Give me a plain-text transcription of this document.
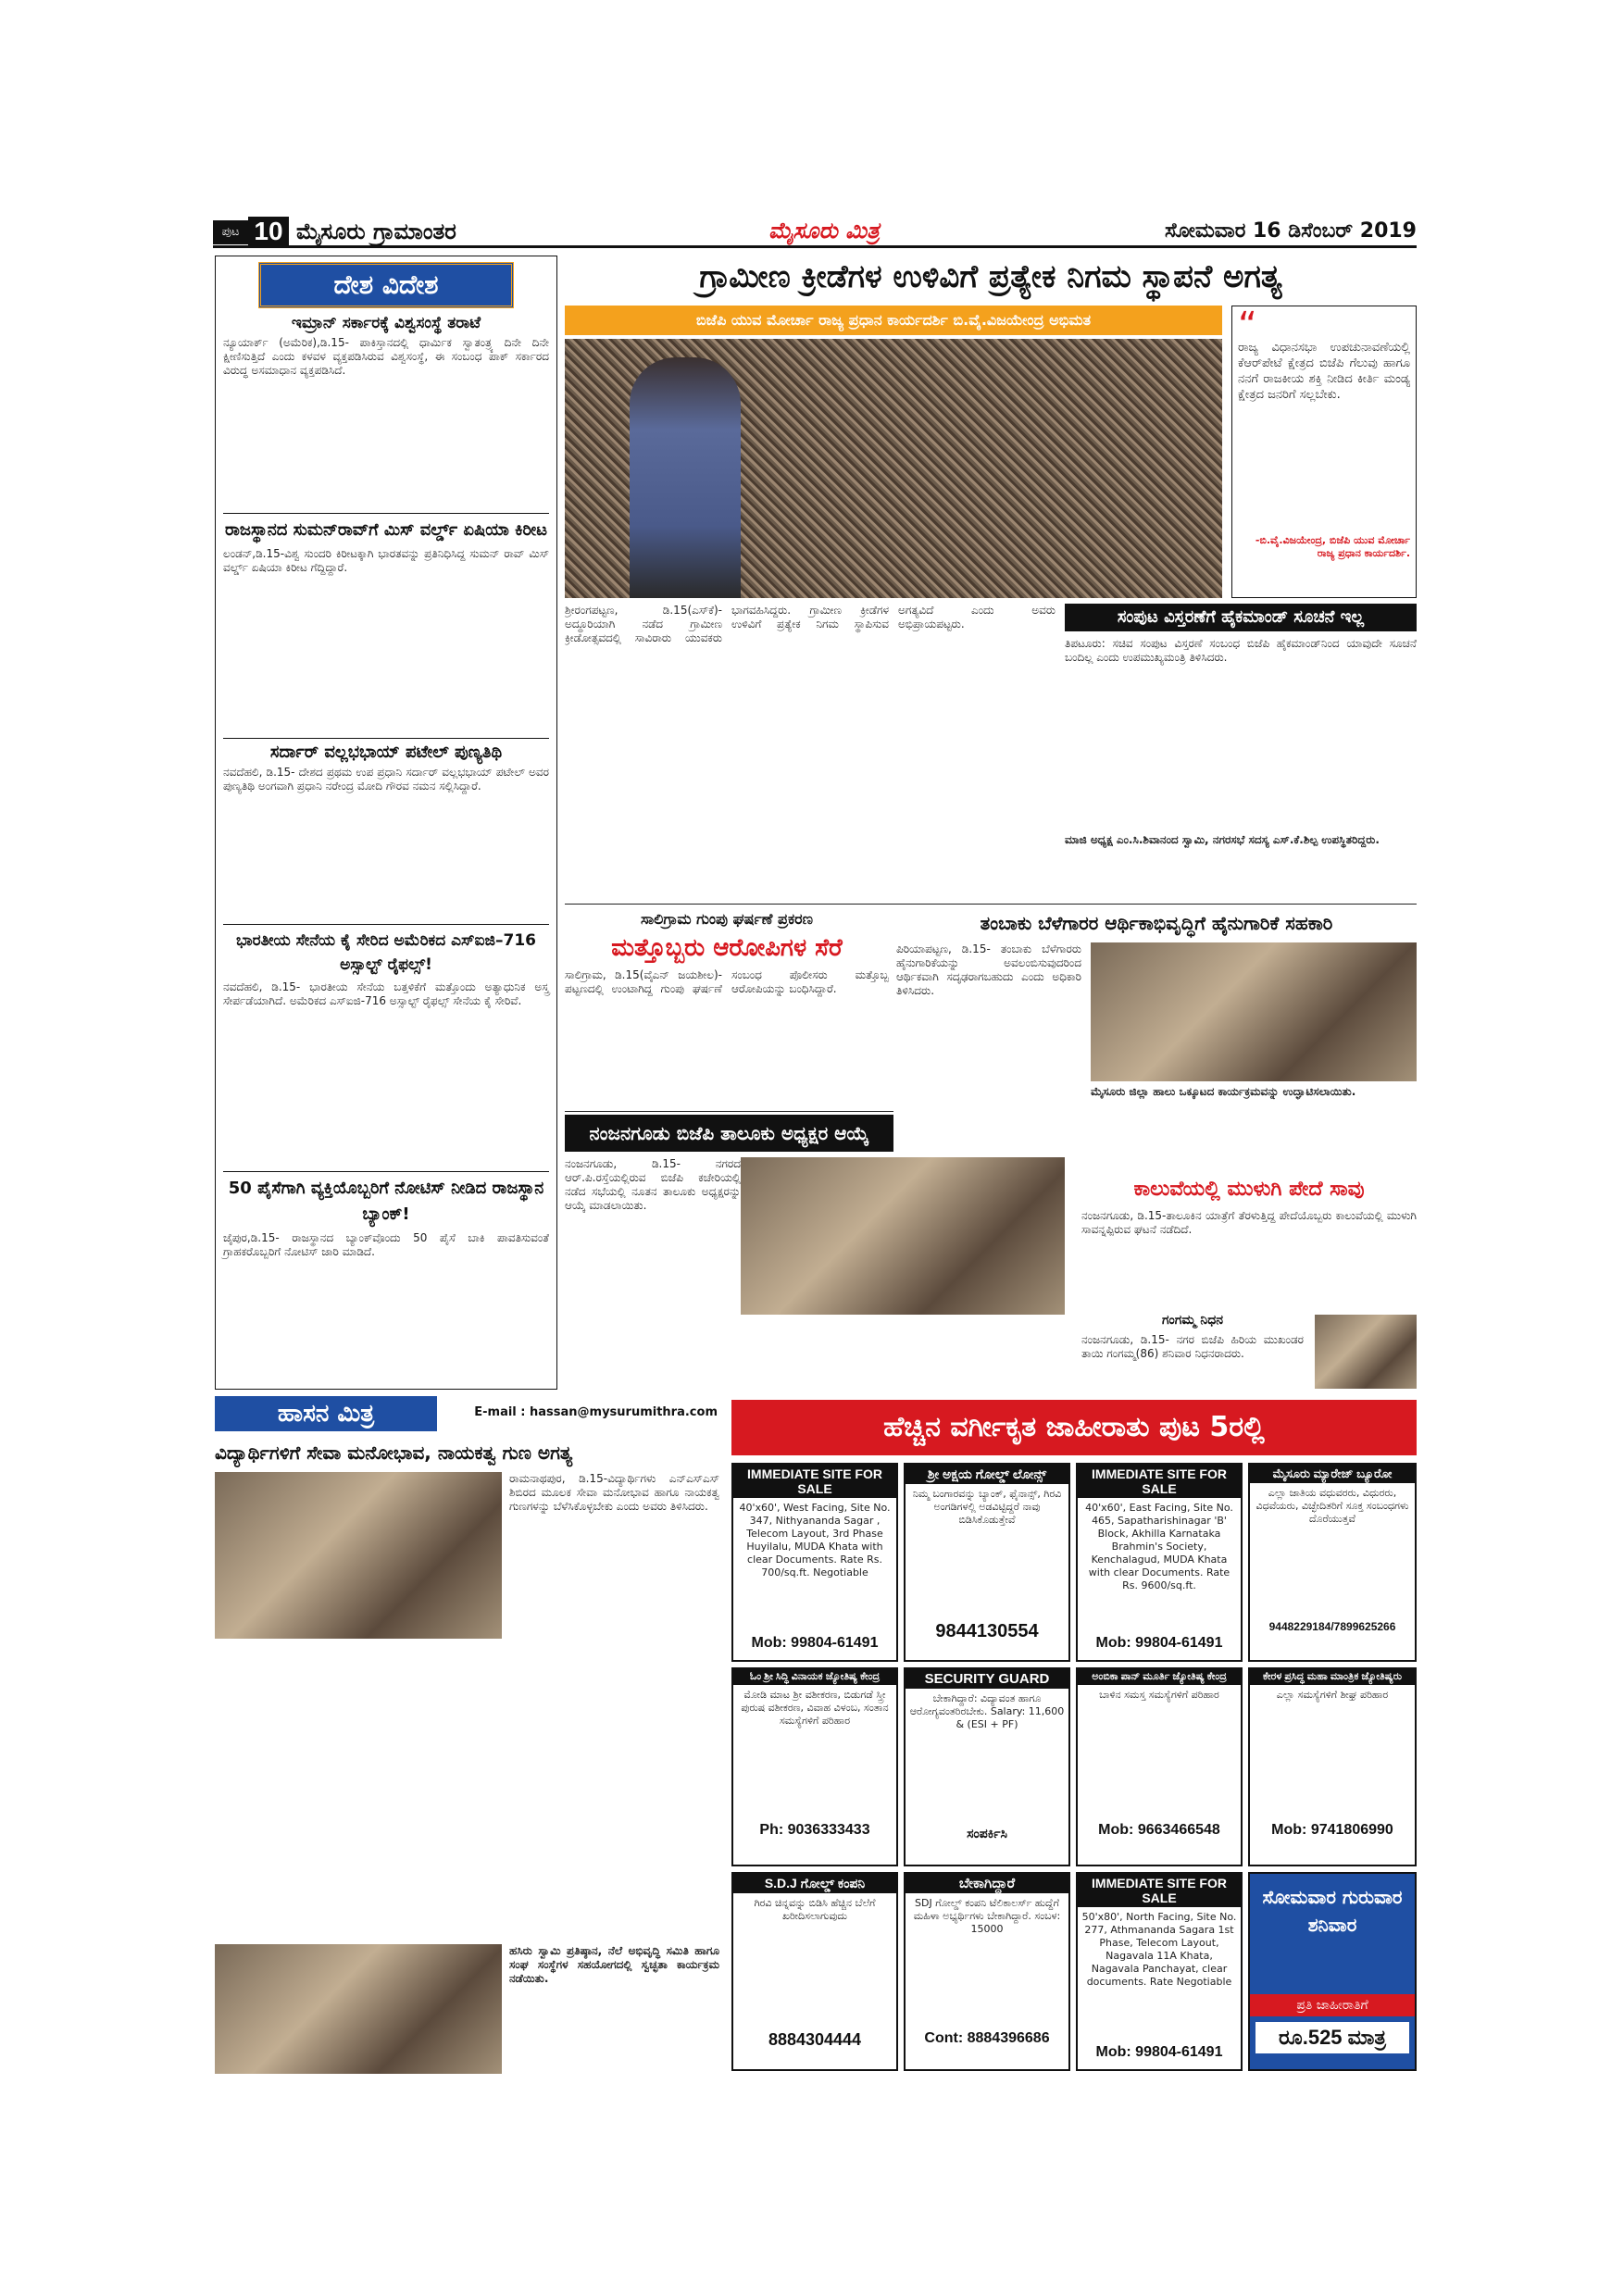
ಪುಟ 10 ಮೈಸೂರು ಗ್ರಾಮಾಂತರ	ಮೈಸೂರು ಮಿತ್ರ	ಸೋಮವಾರ 16 ಡಿಸೆಂಬರ್ 2019
ದೇಶ ವಿದೇಶ
ಇಮ್ರಾನ್ ಸರ್ಕಾರಕ್ಕೆ ವಿಶ್ವಸಂಸ್ಥೆ ತರಾಟೆ
ನ್ಯೂಯಾರ್ಕ್ (ಅಮೆರಿಕ),ಡಿ.15- ಪಾಕಿಸ್ತಾನದಲ್ಲಿ ಧಾರ್ಮಿಕ ಸ್ವಾತಂತ್ರ್ಯ ದಿನೇ ದಿನೇ ಕ್ಷೀಣಿಸುತ್ತಿದೆ ಎಂದು ಕಳವಳ ವ್ಯಕ್ತಪಡಿಸಿರುವ ವಿಶ್ವಸಂಸ್ಥೆ, ಈ ಸಂಬಂಧ ಪಾಕ್ ಸರ್ಕಾರದ ವಿರುದ್ಧ ಅಸಮಾಧಾನ ವ್ಯಕ್ತಪಡಿಸಿದೆ.
ರಾಜಸ್ಥಾನದ ಸುಮನ್‌ರಾವ್‌ಗೆ ಮಿಸ್ ವರ್ಲ್ಡ್ ಏಷಿಯಾ ಕಿರೀಟ
ಲಂಡನ್,ಡಿ.15-ವಿಶ್ವ ಸುಂದರಿ ಕಿರೀಟಕ್ಕಾಗಿ ಭಾರತವನ್ನು ಪ್ರತಿನಿಧಿಸಿದ್ದ ಸುಮನ್ ರಾವ್ ಮಿಸ್ ವರ್ಲ್ಡ್ ಏಷಿಯಾ ಕಿರೀಟ ಗೆದ್ದಿದ್ದಾರೆ.
ಸರ್ದಾರ್ ವಲ್ಲಭಭಾಯ್ ಪಟೇಲ್ ಪುಣ್ಯತಿಥಿ
ನವದೆಹಲಿ, ಡಿ.15- ದೇಶದ ಪ್ರಥಮ ಉಪ ಪ್ರಧಾನಿ ಸರ್ದಾರ್ ವಲ್ಲಭಭಾಯ್ ಪಟೇಲ್ ಅವರ ಪುಣ್ಯತಿಥಿ ಅಂಗವಾಗಿ ಪ್ರಧಾನಿ ನರೇಂದ್ರ ಮೋದಿ ಗೌರವ ನಮನ ಸಲ್ಲಿಸಿದ್ದಾರೆ.
ಭಾರತೀಯ ಸೇನೆಯ ಕೈ ಸೇರಿದ ಅಮೆರಿಕದ ಎಸ್‌ಐಜಿ–716 ಅಸ್ಸಾಲ್ಟ್ ರೈಫಲ್ಸ್!
ನವದೆಹಲಿ, ಡಿ.15- ಭಾರತೀಯ ಸೇನೆಯ ಬತ್ತಳಿಕೆಗೆ ಮತ್ತೊಂದು ಅತ್ಯಾಧುನಿಕ ಅಸ್ತ್ರ ಸೇರ್ಪಡೆಯಾಗಿದೆ. ಅಮೆರಿಕದ ಎಸ್‌ಐಜಿ-716 ಅಸ್ಸಾಲ್ಟ್ ರೈಫಲ್ಸ್ ಸೇನೆಯ ಕೈ ಸೇರಿವೆ.
50 ಪೈಸೆಗಾಗಿ ವ್ಯಕ್ತಿಯೊಬ್ಬರಿಗೆ ನೋಟಿಸ್ ನೀಡಿದ ರಾಜಸ್ಥಾನ ಬ್ಯಾಂಕ್!
ಜೈಪುರ,ಡಿ.15- ರಾಜಸ್ಥಾನದ ಬ್ಯಾಂಕ್‌ವೊಂದು 50 ಪೈಸೆ ಬಾಕಿ ಪಾವತಿಸುವಂತೆ ಗ್ರಾಹಕರೊಬ್ಬರಿಗೆ ನೋಟಿಸ್ ಜಾರಿ ಮಾಡಿದೆ.
ಗ್ರಾಮೀಣ ಕ್ರೀಡೆಗಳ ಉಳಿವಿಗೆ ಪ್ರತ್ಯೇಕ ನಿಗಮ ಸ್ಥಾಪನೆ ಅಗತ್ಯ
ಬಿಜೆಪಿ ಯುವ ಮೋರ್ಚಾ ರಾಜ್ಯ ಪ್ರಧಾನ ಕಾರ್ಯದರ್ಶಿ ಬಿ.ವೈ.ವಿಜಯೇಂದ್ರ ಅಭಿಮತ	“
ರಾಜ್ಯ ವಿಧಾನಸಭಾ ಉಪಚುನಾವಣೆಯಲ್ಲಿ ಕೆಆರ್‌ಪೇಟೆ ಕ್ಷೇತ್ರದ ಬಿಜೆಪಿ ಗೆಲುವು ಹಾಗೂ ನನಗೆ ರಾಜಕೀಯ ಶಕ್ತಿ ನೀಡಿದ ಕೀರ್ತಿ ಮಂಡ್ಯ ಕ್ಷೇತ್ರದ ಜನರಿಗೆ ಸಲ್ಲಬೇಕು.
-ಬಿ.ವೈ.ವಿಜಯೇಂದ್ರ, ಬಿಜೆಪಿ ಯುವ ಮೋರ್ಚಾ ರಾಜ್ಯ ಪ್ರಧಾನ ಕಾರ್ಯದರ್ಶಿ.
ಶ್ರೀರಂಗಪಟ್ಟಣ, ಡಿ.15(ಎಸ್‌ಕೆ)- ಅದ್ಧೂರಿಯಾಗಿ ನಡೆದ ಗ್ರಾಮೀಣ ಕ್ರೀಡೋತ್ಸವದಲ್ಲಿ ಸಾವಿರಾರು ಯುವಕರು ಭಾಗವಹಿಸಿದ್ದರು. ಗ್ರಾಮೀಣ ಕ್ರೀಡೆಗಳ ಉಳಿವಿಗೆ ಪ್ರತ್ಯೇಕ ನಿಗಮ ಸ್ಥಾಪಿಸುವ ಅಗತ್ಯವಿದೆ ಎಂದು ಅವರು ಅಭಿಪ್ರಾಯಪಟ್ಟರು.	ಸಂಪುಟ ವಿಸ್ತರಣೆಗೆ ಹೈಕಮಾಂಡ್ ಸೂಚನೆ ಇಲ್ಲ
ತಿಪಟೂರು: ಸಚಿವ ಸಂಪುಟ ವಿಸ್ತರಣೆ ಸಂಬಂಧ ಬಿಜೆಪಿ ಹೈಕಮಾಂಡ್‌ನಿಂದ ಯಾವುದೇ ಸೂಚನೆ ಬಂದಿಲ್ಲ ಎಂದು ಉಪಮುಖ್ಯಮಂತ್ರಿ ತಿಳಿಸಿದರು.
ಮಾಜಿ ಅಧ್ಯಕ್ಷ ಎಂ.ಸಿ.ಶಿವಾನಂದ ಸ್ವಾಮಿ, ನಗರಸಭೆ ಸದಸ್ಯ ಎಸ್.ಕೆ.ಶಿಲ್ಪ ಉಪಸ್ಥಿತರಿದ್ದರು.
ಸಾಲಿಗ್ರಾಮ ಗುಂಪು ಘರ್ಷಣೆ ಪ್ರಕರಣ
ಮತ್ತೊಬ್ಬರು ಆರೋಪಿಗಳ ಸೆರೆ
ಸಾಲಿಗ್ರಾಮ, ಡಿ.15(ವೈಎನ್ ಜಯಶೀಲ)-ಪಟ್ಟಣದಲ್ಲಿ ಉಂಟಾಗಿದ್ದ ಗುಂಪು ಘರ್ಷಣೆ ಸಂಬಂಧ ಪೊಲೀಸರು ಮತ್ತೊಬ್ಬ ಆರೋಪಿಯನ್ನು ಬಂಧಿಸಿದ್ದಾರೆ.
ತಂಬಾಕು ಬೆಳೆಗಾರರ ಆರ್ಥಿಕಾಭಿವೃದ್ಧಿಗೆ ಹೈನುಗಾರಿಕೆ ಸಹಕಾರಿ
ಪಿರಿಯಾಪಟ್ಟಣ, ಡಿ.15- ತಂಬಾಕು ಬೆಳೆಗಾರರು ಹೈನುಗಾರಿಕೆಯನ್ನು ಅವಲಂಬಿಸುವುದರಿಂದ ಆರ್ಥಿಕವಾಗಿ ಸದೃಢರಾಗಬಹುದು ಎಂದು ಅಧಿಕಾರಿ ತಿಳಿಸಿದರು.
ಮೈಸೂರು ಜಿಲ್ಲಾ ಹಾಲು ಒಕ್ಕೂಟದ ಕಾರ್ಯಕ್ರಮವನ್ನು ಉದ್ಘಾಟಿಸಲಾಯಿತು.
ನಂಜನಗೂಡು ಬಿಜೆಪಿ ತಾಲೂಕು ಅಧ್ಯಕ್ಷರ ಆಯ್ಕೆ
ನಂಜನಗೂಡು, ಡಿ.15- ನಗರದ ಆರ್.ಪಿ.ರಸ್ತೆಯಲ್ಲಿರುವ ಬಿಜೆಪಿ ಕಚೇರಿಯಲ್ಲಿ ನಡೆದ ಸಭೆಯಲ್ಲಿ ನೂತನ ತಾಲೂಕು ಅಧ್ಯಕ್ಷರನ್ನು ಆಯ್ಕೆ ಮಾಡಲಾಯಿತು.
ಕಾಲುವೆಯಲ್ಲಿ ಮುಳುಗಿ ಪೇದೆ ಸಾವು
ನಂಜನಗೂಡು, ಡಿ.15-ತಾಲೂಕಿನ ಯಾತ್ರೆಗೆ ತೆರಳುತ್ತಿದ್ದ ಪೇದೆಯೊಬ್ಬರು ಕಾಲುವೆಯಲ್ಲಿ ಮುಳುಗಿ ಸಾವನ್ನಪ್ಪಿರುವ ಘಟನೆ ನಡೆದಿದೆ.
ಗಂಗಮ್ಮ ನಿಧನ
ನಂಜನಗೂಡು, ಡಿ.15- ನಗರ ಬಿಜೆಪಿ ಹಿರಿಯ ಮುಖಂಡರ ತಾಯಿ ಗಂಗಮ್ಮ(86) ಶನಿವಾರ ನಿಧನರಾದರು.
ಹಾಸನ ಮಿತ್ರ	E-mail : hassan@mysurumithra.com
ವಿದ್ಯಾರ್ಥಿಗಳಿಗೆ ಸೇವಾ ಮನೋಭಾವ, ನಾಯಕತ್ವ ಗುಣ ಅಗತ್ಯ
ರಾಮನಾಥಪುರ, ಡಿ.15-ವಿದ್ಯಾರ್ಥಿಗಳು ಎನ್‌ಎಸ್‌ಎಸ್ ಶಿಬಿರದ ಮೂಲಕ ಸೇವಾ ಮನೋಭಾವ ಹಾಗೂ ನಾಯಕತ್ವ ಗುಣಗಳನ್ನು ಬೆಳೆಸಿಕೊಳ್ಳಬೇಕು ಎಂದು ಅವರು ತಿಳಿಸಿದರು.
ಹಸಿರು ಸ್ವಾಮಿ ಪ್ರತಿಷ್ಠಾನ, ನೆಲೆ ಅಭಿವೃದ್ಧಿ ಸಮಿತಿ ಹಾಗೂ ಸಂಘ ಸಂಸ್ಥೆಗಳ ಸಹಯೋಗದಲ್ಲಿ ಸ್ವಚ್ಛತಾ ಕಾರ್ಯಕ್ರಮ ನಡೆಯಿತು.
ಹೆಚ್ಚಿನ ವರ್ಗೀಕೃತ ಜಾಹೀರಾತು ಪುಟ 5ರಲ್ಲಿ
IMMEDIATE SITE FOR SALE
40'x60', West Facing, Site No. 347, Nithyananda Sagar , Telecom Layout, 3rd Phase Huyilalu, MUDA Khata with clear Documents. Rate Rs. 700/sq.ft. Negotiable
Mob: 99804-61491
ಶ್ರೀ ಅಕ್ಷಯ ಗೋಲ್ಡ್ ಲೋನ್ಸ್
ನಿಮ್ಮ ಬಂಗಾರವನ್ನು ಬ್ಯಾಂಕ್, ಫೈನಾನ್ಸ್, ಗಿರವಿ ಅಂಗಡಿಗಳಲ್ಲಿ ಅಡವಿಟ್ಟಿದ್ದರೆ ನಾವು ಬಿಡಿಸಿಕೊಡುತ್ತೇವೆ
9844130554
IMMEDIATE SITE FOR SALE
40'x60', East Facing, Site No. 465, Sapatharishinagar 'B' Block, Akhilla Karnataka Brahmin's Society, Kenchalagud, MUDA Khata with clear Documents. Rate Rs. 9600/sq.ft.
Mob: 99804-61491
ಮೈಸೂರು ಮ್ಯಾರೇಜ್ ಬ್ಯೂರೋ
ಎಲ್ಲಾ ಜಾತಿಯ ವಧುವರರು, ವಿಧುರರು, ವಿಧವೆಯರು, ವಿಚ್ಛೇದಿತರಿಗೆ ಸೂಕ್ತ ಸಂಬಂಧಗಳು ದೊರೆಯುತ್ತವೆ
9448229184/7899625266
ಓಂ ಶ್ರೀ ಸಿದ್ಧಿ ವಿನಾಯಕ ಜ್ಯೋತಿಷ್ಯ ಕೇಂದ್ರ
ಮೋಡಿ ಮಾಟ ಶ್ರೀ ವಶೀಕರಣ, ಬಿಡುಗಡೆ ಸ್ತ್ರೀ ಪುರುಷ ವಶೀಕರಣ, ವಿವಾಹ ವಿಳಂಬ, ಸಂತಾನ ಸಮಸ್ಯೆಗಳಿಗೆ ಪರಿಹಾರ
Ph: 9036333433
SECURITY GUARD
ಬೇಕಾಗಿದ್ದಾರೆ: ವಿದ್ಯಾವಂತ ಹಾಗೂ ಆರೋಗ್ಯವಂತರಿರಬೇಕು. Salary: 11,600 & (ESI + PF)
ಸಂಪರ್ಕಿಸಿ
ಅಂಬಿಕಾ ಪಾನ್ ಮೂರ್ತಿ ಜ್ಯೋತಿಷ್ಯ ಕೇಂದ್ರ
ಬಾಳಿನ ಸಮಸ್ತ ಸಮಸ್ಯೆಗಳಿಗೆ ಪರಿಹಾರ
Mob: 9663466548
ಕೇರಳ ಪ್ರಸಿದ್ಧ ಮಹಾ ಮಾಂತ್ರಿಕ ಜ್ಯೋತಿಷ್ಯರು
ಎಲ್ಲಾ ಸಮಸ್ಯೆಗಳಿಗೆ ಶೀಘ್ರ ಪರಿಹಾರ
Mob: 9741806990
S.D.J ಗೋಲ್ಡ್ ಕಂಪನಿ
ಗಿರವಿ ಚಿನ್ನವನ್ನು ಬಿಡಿಸಿ ಹೆಚ್ಚಿನ ಬೆಲೆಗೆ ಖರೀದಿಸಲಾಗುವುದು
8884304444
ಬೇಕಾಗಿದ್ದಾರೆ
SDJ ಗೋಲ್ಡ್ ಕಂಪನಿ ಟೆಲಿಕಾಲರ್ಸ್ ಹುದ್ದೆಗೆ ಮಹಿಳಾ ಅಭ್ಯರ್ಥಿಗಳು ಬೇಕಾಗಿದ್ದಾರೆ. ಸಂಬಳ: 15000
Cont: 8884396686
IMMEDIATE SITE FOR SALE
50'x80', North Facing, Site No. 277, Athmananda Sagara 1st Phase, Telecom Layout, Nagavala 11A Khata, Nagavala Panchayat, clear documents. Rate Negotiable
Mob: 99804-61491
ಸೋಮವಾರ ಗುರುವಾರ ಶನಿವಾರ
ಪ್ರತಿ ಜಾಹೀರಾತಿಗೆ
ರೂ.525 ಮಾತ್ರ
